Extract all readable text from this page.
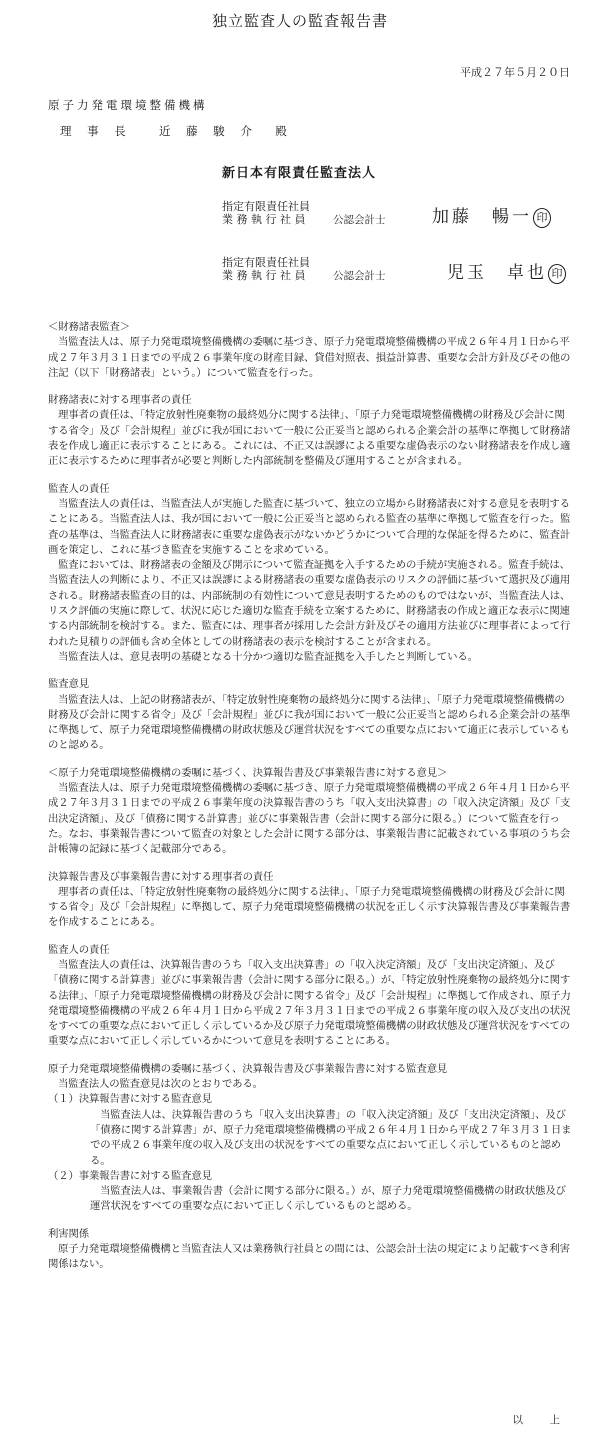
独立監査人の監査報告書
平成２７年５月２０日
原子力発電環境整備機構
理 事 長　 近 藤 駿 介　殿
新日本有限責任監査法人
指定有限責任社員
業 務 執 行 社 員	公認会計士	加藤　暢一 印
指定有限責任社員
業 務 執 行 社 員	公認会計士	児玉　卓也 印
＜財務諸表監査＞

当監査法人は、原子力発電環境整備機構の委嘱に基づき、原子力発電環境整備機構の平成２６年４月１日から平成２７年３月３１日までの平成２６事業年度の財産目録、貸借対照表、損益計算書、重要な会計方針及びその他の注記（以下「財務諸表」という。）について監査を行った。

財務諸表に対する理事者の責任

理事者の責任は、「特定放射性廃棄物の最終処分に関する法律」、「原子力発電環境整備機構の財務及び会計に関する省令」及び「会計規程」並びに我が国において一般に公正妥当と認められる企業会計の基準に準拠して財務諸表を作成し適正に表示することにある。これには、不正又は誤謬による重要な虚偽表示のない財務諸表を作成し適正に表示するために理事者が必要と判断した内部統制を整備及び運用することが含まれる。

監査人の責任

当監査法人の責任は、当監査法人が実施した監査に基づいて、独立の立場から財務諸表に対する意見を表明することにある。当監査法人は、我が国において一般に公正妥当と認められる監査の基準に準拠して監査を行った。監査の基準は、当監査法人に財務諸表に重要な虚偽表示がないかどうかについて合理的な保証を得るために、監査計画を策定し、これに基づき監査を実施することを求めている。

監査においては、財務諸表の金額及び開示について監査証拠を入手するための手続が実施される。監査手続は、当監査法人の判断により、不正又は誤謬による財務諸表の重要な虚偽表示のリスクの評価に基づいて選択及び適用される。財務諸表監査の目的は、内部統制の有効性について意見表明するためのものではないが、当監査法人は、リスク評価の実施に際して、状況に応じた適切な監査手続を立案するために、財務諸表の作成と適正な表示に関連する内部統制を検討する。また、監査には、理事者が採用した会計方針及びその適用方法並びに理事者によって行われた見積りの評価も含め全体としての財務諸表の表示を検討することが含まれる。

当監査法人は、意見表明の基礎となる十分かつ適切な監査証拠を入手したと判断している。

監査意見

当監査法人は、上記の財務諸表が、「特定放射性廃棄物の最終処分に関する法律」、「原子力発電環境整備機構の財務及び会計に関する省令」及び「会計規程」並びに我が国において一般に公正妥当と認められる企業会計の基準に準拠して、原子力発電環境整備機構の財政状態及び運営状況をすべての重要な点において適正に表示しているものと認める。

＜原子力発電環境整備機構の委嘱に基づく、決算報告書及び事業報告書に対する意見＞

当監査法人は、原子力発電環境整備機構の委嘱に基づき、原子力発電環境整備機構の平成２６年４月１日から平成２７年３月３１日までの平成２６事業年度の決算報告書のうち「収入支出決算書」の「収入決定済額」及び「支出決定済額」、及び「債務に関する計算書」並びに事業報告書（会計に関する部分に限る。）について監査を行った。なお、事業報告書について監査の対象とした会計に関する部分は、事業報告書に記載されている事項のうち会計帳簿の記録に基づく記載部分である。

決算報告書及び事業報告書に対する理事者の責任

理事者の責任は、「特定放射性廃棄物の最終処分に関する法律」、「原子力発電環境整備機構の財務及び会計に関する省令」及び「会計規程」に準拠して、原子力発電環境整備機構の状況を正しく示す決算報告書及び事業報告書を作成することにある。

監査人の責任

当監査法人の責任は、決算報告書のうち「収入支出決算書」の「収入決定済額」及び「支出決定済額」、及び「債務に関する計算書」並びに事業報告書（会計に関する部分に限る。）が、「特定放射性廃棄物の最終処分に関する法律」、「原子力発電環境整備機構の財務及び会計に関する省令」及び「会計規程」に準拠して作成され、原子力発電環境整備機構の平成２６年４月１日から平成２７年３月３１日までの平成２６事業年度の収入及び支出の状況をすべての重要な点において正しく示しているか及び原子力発電環境整備機構の財政状態及び運営状況をすべての重要な点において正しく示しているかについて意見を表明することにある。

原子力発電環境整備機構の委嘱に基づく、決算報告書及び事業報告書に対する監査意見

当監査法人の監査意見は次のとおりである。

（１）決算報告書に対する監査意見

当監査法人は、決算報告書のうち「収入支出決算書」の「収入決定済額」及び「支出決定済額」、及び「債務に関する計算書」が、原子力発電環境整備機構の平成２６年４月１日から平成２７年３月３１日までの平成２６事業年度の収入及び支出の状況をすべての重要な点において正しく示しているものと認める。

（２）事業報告書に対する監査意見

当監査法人は、事業報告書（会計に関する部分に限る。）が、原子力発電環境整備機構の財政状態及び運営状況をすべての重要な点において正しく示しているものと認める。

利害関係

原子力発電環境整備機構と当監査法人又は業務執行社員との間には、公認会計士法の規定により記載すべき利害関係はない。

以　上
